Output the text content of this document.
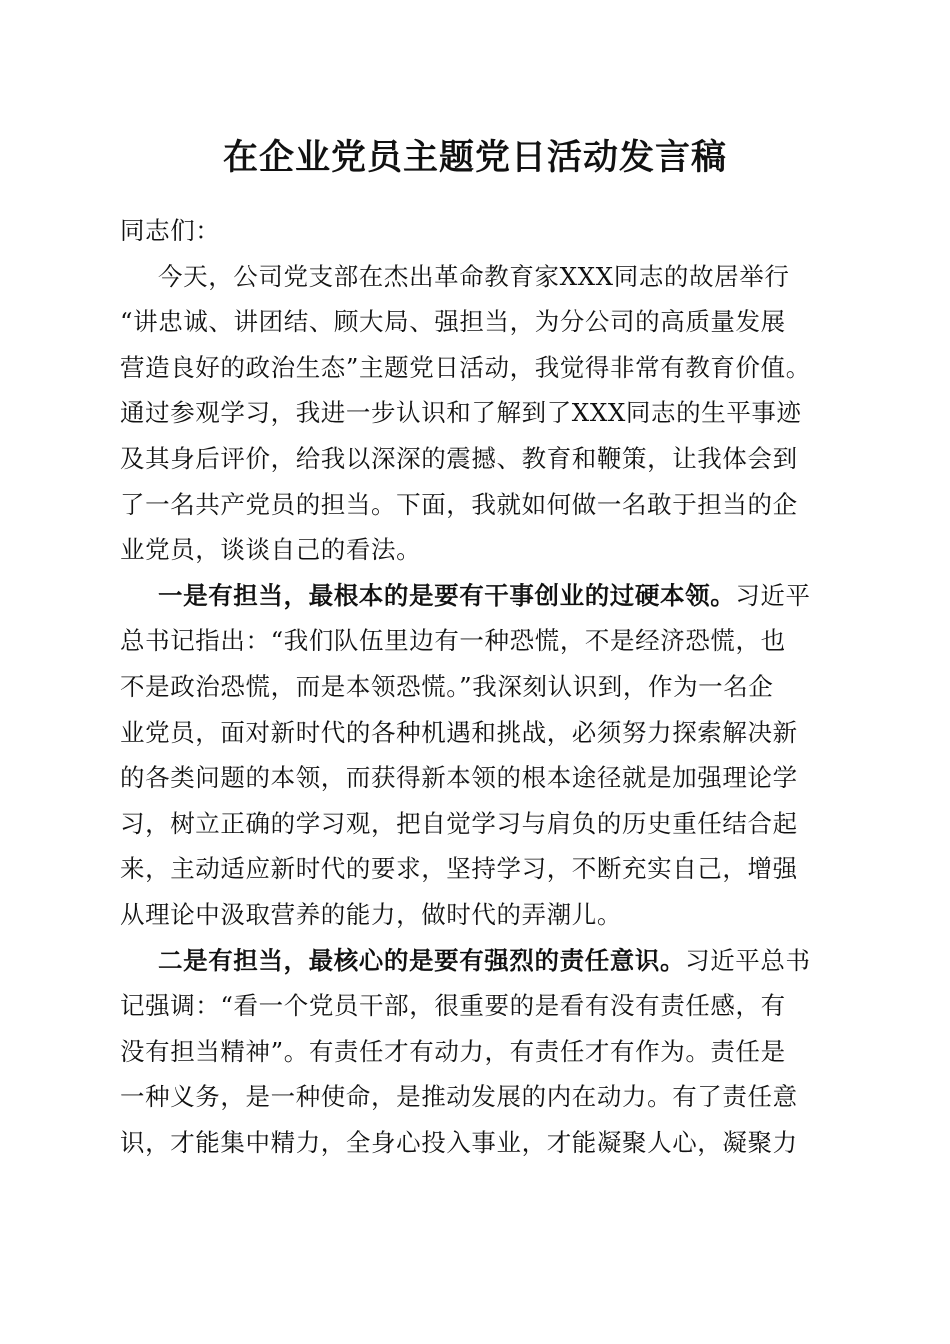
在企业党员主题党日活动发言稿
同志们：
今天，公司党支部在杰出革命教育家XXX同志的故居举行
“讲忠诚、讲团结、顾大局、强担当，为分公司的高质量发展
营造良好的政治生态”主题党日活动，我觉得非常有教育价值。
通过参观学习，我进一步认识和了解到了XXX同志的生平事迹
及其身后评价，给我以深深的震撼、教育和鞭策，让我体会到
了一名共产党员的担当。下面，我就如何做一名敢于担当的企
业党员，谈谈自己的看法。
一是有担当，最根本的是要有干事创业的过硬本领。习近平
总书记指出：“我们队伍里边有一种恐慌，不是经济恐慌，也
不是政治恐慌，而是本领恐慌。”我深刻认识到，作为一名企
业党员，面对新时代的各种机遇和挑战，必须努力探索解决新
的各类问题的本领，而获得新本领的根本途径就是加强理论学
习，树立正确的学习观，把自觉学习与肩负的历史重任结合起
来，主动适应新时代的要求，坚持学习，不断充实自己，增强
从理论中汲取营养的能力，做时代的弄潮儿。
二是有担当，最核心的是要有强烈的责任意识。习近平总书
记强调：“看一个党员干部，很重要的是看有没有责任感，有
没有担当精神”。有责任才有动力，有责任才有作为。责任是
一种义务，是一种使命，是推动发展的内在动力。有了责任意
识，才能集中精力，全身心投入事业，才能凝聚人心，凝聚力
